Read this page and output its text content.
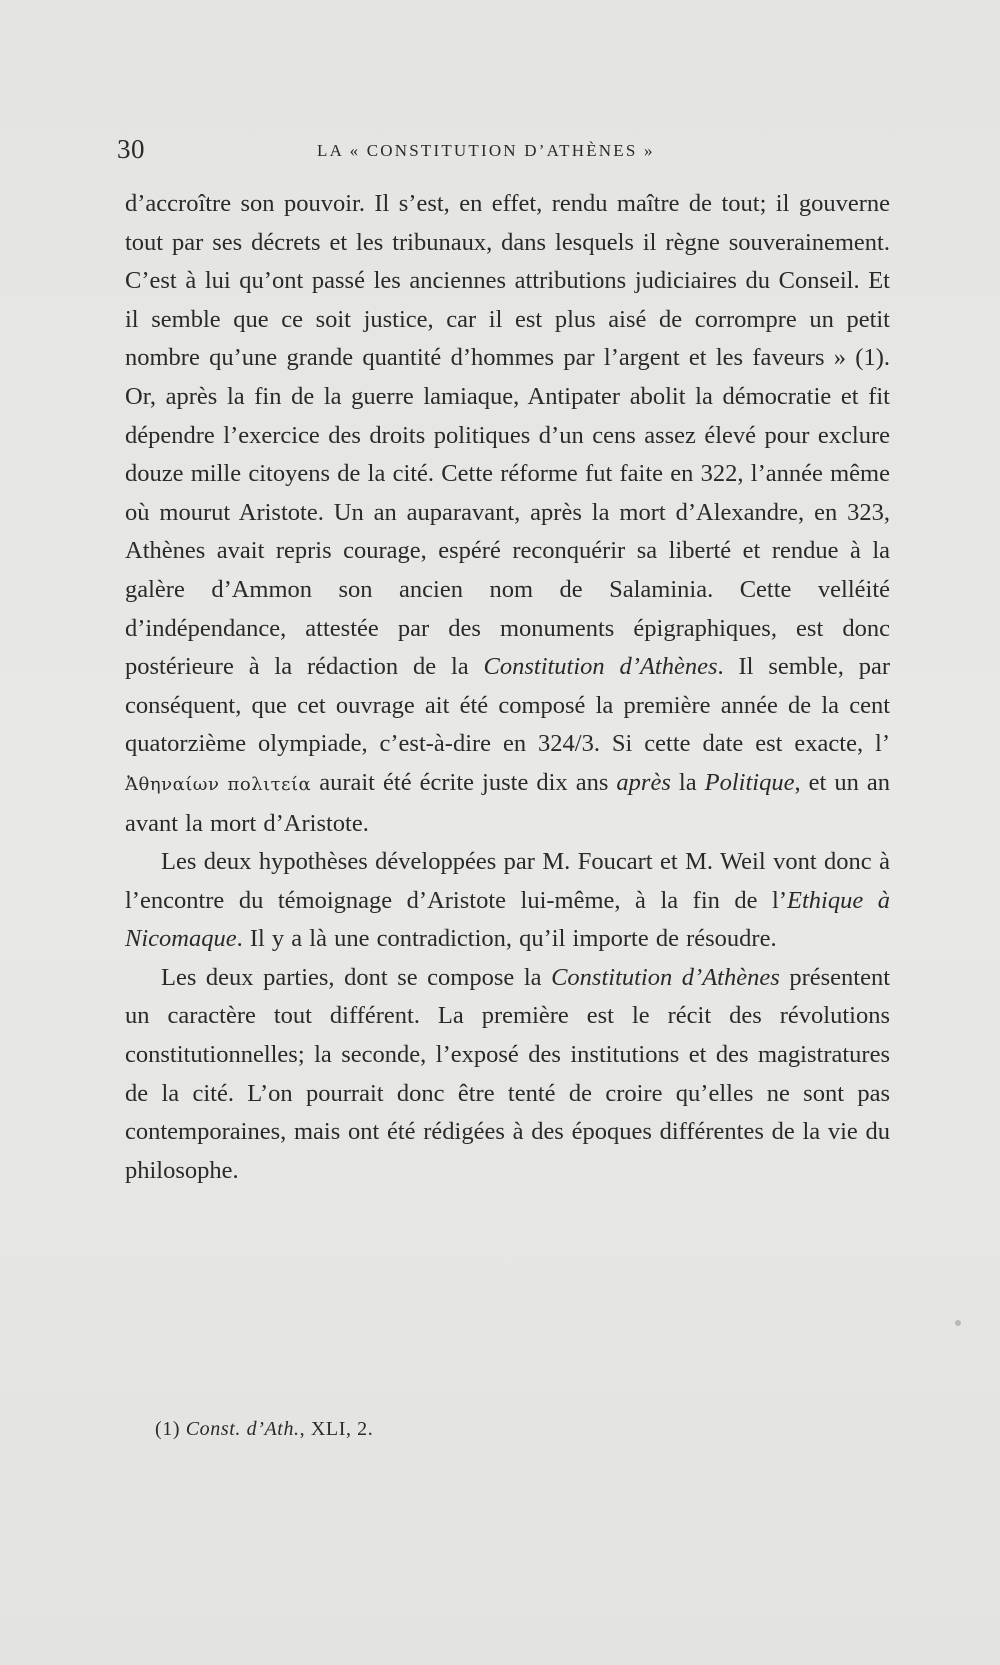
30	LA « CONSTITUTION D’ATHÈNES »

d’accroître son pouvoir. Il s’est, en effet, rendu maître de tout; il gouverne tout par ses décrets et les tribunaux, dans lesquels il règne souverainement. C’est à lui qu’ont passé les anciennes attributions judiciaires du Conseil. Et il semble que ce soit justice, car il est plus aisé de corrompre un petit nombre qu’une grande quantité d’hommes par l’argent et les faveurs » (1). Or, après la fin de la guerre lamiaque, Antipater abolit la démocratie et fit dépendre l’exercice des droits politiques d’un cens assez élevé pour exclure douze mille citoyens de la cité. Cette réforme fut faite en 322, l’année même où mourut Aristote. Un an auparavant, après la mort d’Alexandre, en 323, Athènes avait repris courage, espéré reconquérir sa liberté et rendue à la galère d’Ammon son ancien nom de Salaminia. Cette velléité d’indépendance, attestée par des monuments épigraphiques, est donc postérieure à la rédaction de la Constitution d’Athènes. Il semble, par conséquent, que cet ouvrage ait été composé la première année de la cent quatorzième olympiade, c’est-à-dire en 324/3. Si cette date est exacte, l’ Ἀθηναίων πολιτεία aurait été écrite juste dix ans après la Politique, et un an avant la mort d’Aristote.

Les deux hypothèses développées par M. Foucart et M. Weil vont donc à l’encontre du témoignage d’Aristote lui-même, à la fin de l’Ethique à Nicomaque. Il y a là une contradiction, qu’il importe de résoudre.

Les deux parties, dont se compose la Constitution d’Athènes présentent un caractère tout différent. La première est le récit des révolutions constitutionnelles; la seconde, l’exposé des institutions et des magistratures de la cité. L’on pourrait donc être tenté de croire qu’elles ne sont pas contemporaines, mais ont été rédigées à des époques différentes de la vie du philosophe.

(1) Const. d’Ath., XLI, 2.
